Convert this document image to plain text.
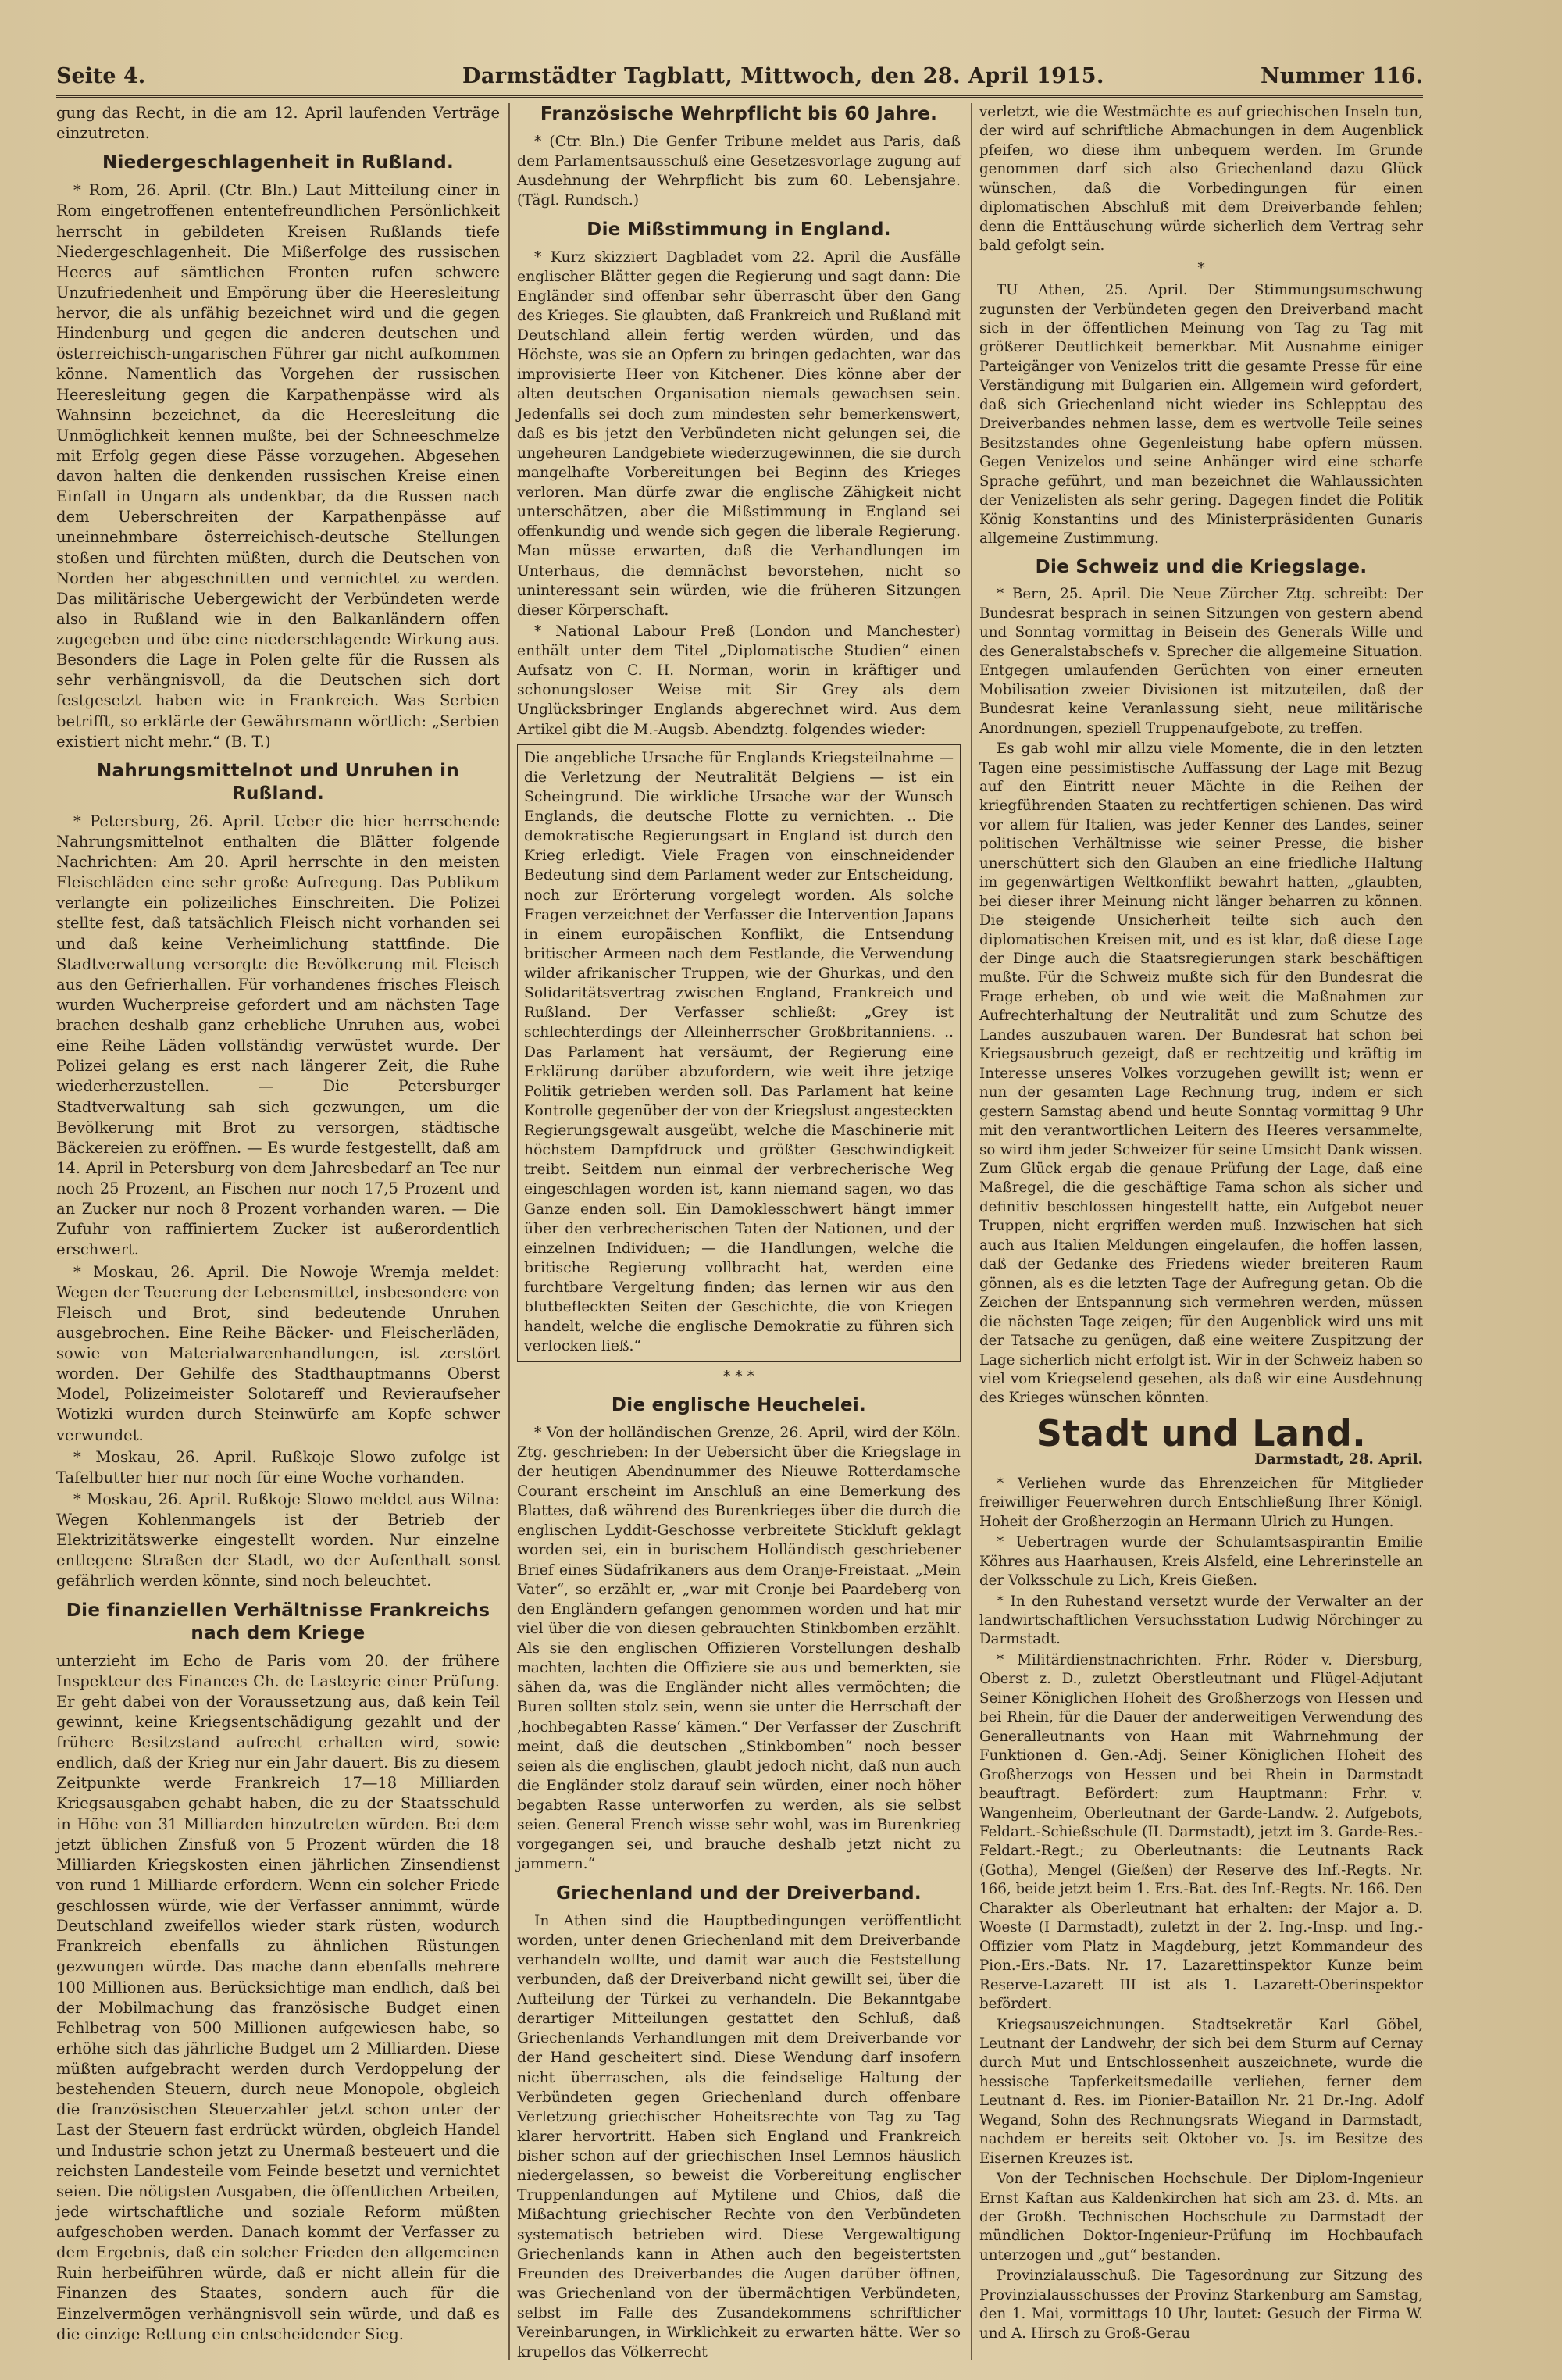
Seite 4.	Darmstädter Tagblatt, Mittwoch, den 28. April 1915.	Nummer 116.

gung das Recht, in die am 12. April laufenden Verträge einzutreten.

Niedergeschlagenheit in Rußland.

* Rom, 26. April. (Ctr. Bln.) Laut Mitteilung einer in Rom eingetroffenen ententefreundlichen Persönlichkeit herrscht in gebildeten Kreisen Rußlands tiefe Niedergeschlagenheit. Die Mißerfolge des russischen Heeres auf sämtlichen Fronten rufen schwere Unzufriedenheit und Empörung über die Heeresleitung hervor, die als unfähig bezeichnet wird und die gegen Hindenburg und gegen die anderen deutschen und österreichisch-ungarischen Führer gar nicht aufkommen könne. Namentlich das Vorgehen der russischen Heeresleitung gegen die Karpathenpässe wird als Wahnsinn bezeichnet, da die Heeresleitung die Unmöglichkeit kennen mußte, bei der Schneeschmelze mit Erfolg gegen diese Pässe vorzugehen. Abgesehen davon halten die denkenden russischen Kreise einen Einfall in Ungarn als undenkbar, da die Russen nach dem Ueberschreiten der Karpathenpässe auf uneinnehmbare österreichisch-deutsche Stellungen stoßen und fürchten müßten, durch die Deutschen von Norden her abgeschnitten und vernichtet zu werden. Das militärische Uebergewicht der Verbündeten werde also in Rußland wie in den Balkanländern offen zugegeben und übe eine niederschlagende Wirkung aus. Besonders die Lage in Polen gelte für die Russen als sehr verhängnisvoll, da die Deutschen sich dort festgesetzt haben wie in Frankreich. Was Serbien betrifft, so erklärte der Gewährsmann wörtlich: „Serbien existiert nicht mehr.“ (B. T.)

Nahrungsmittelnot und Unruhen in Rußland.

* Petersburg, 26. April. Ueber die hier herrschende Nahrungsmittelnot enthalten die Blätter folgende Nachrichten: Am 20. April herrschte in den meisten Fleischläden eine sehr große Aufregung. Das Publikum verlangte ein polizeiliches Einschreiten. Die Polizei stellte fest, daß tatsächlich Fleisch nicht vorhanden sei und daß keine Verheimlichung stattfinde. Die Stadtverwaltung versorgte die Bevölkerung mit Fleisch aus den Gefrierhallen. Für vorhandenes frisches Fleisch wurden Wucherpreise gefordert und am nächsten Tage brachen deshalb ganz erhebliche Unruhen aus, wobei eine Reihe Läden vollständig verwüstet wurde. Der Polizei gelang es erst nach längerer Zeit, die Ruhe wiederherzustellen. — Die Petersburger Stadtverwaltung sah sich gezwungen, um die Bevölkerung mit Brot zu versorgen, städtische Bäckereien zu eröffnen. — Es wurde festgestellt, daß am 14. April in Petersburg von dem Jahresbedarf an Tee nur noch 25 Prozent, an Fischen nur noch 17,5 Prozent und an Zucker nur noch 8 Prozent vorhanden waren. — Die Zufuhr von raffiniertem Zucker ist außerordentlich erschwert.

* Moskau, 26. April. Die Nowoje Wremja meldet: Wegen der Teuerung der Lebensmittel, insbesondere von Fleisch und Brot, sind bedeutende Unruhen ausgebrochen. Eine Reihe Bäcker- und Fleischerläden, sowie von Materialwarenhandlungen, ist zerstört worden. Der Gehilfe des Stadthauptmanns Oberst Model, Polizeimeister Solotareff und Revieraufseher Wotizki wurden durch Steinwürfe am Kopfe schwer verwundet.

* Moskau, 26. April. Rußkoje Slowo zufolge ist Tafelbutter hier nur noch für eine Woche vorhanden.

* Moskau, 26. April. Rußkoje Slowo meldet aus Wilna: Wegen Kohlenmangels ist der Betrieb der Elektrizitätswerke eingestellt worden. Nur einzelne entlegene Straßen der Stadt, wo der Aufenthalt sonst gefährlich werden könnte, sind noch beleuchtet.

Die finanziellen Verhältnisse Frankreichs nach dem Kriege

unterzieht im Echo de Paris vom 20. der frühere Inspekteur des Finances Ch. de Lasteyrie einer Prüfung. Er geht dabei von der Voraussetzung aus, daß kein Teil gewinnt, keine Kriegsentschädigung gezahlt und der frühere Besitzstand aufrecht erhalten wird, sowie endlich, daß der Krieg nur ein Jahr dauert. Bis zu diesem Zeitpunkte werde Frankreich 17—18 Milliarden Kriegsausgaben gehabt haben, die zu der Staatsschuld in Höhe von 31 Milliarden hinzutreten würden. Bei dem jetzt üblichen Zinsfuß von 5 Prozent würden die 18 Milliarden Kriegskosten einen jährlichen Zinsendienst von rund 1 Milliarde erfordern. Wenn ein solcher Friede geschlossen würde, wie der Verfasser annimmt, würde Deutschland zweifellos wieder stark rüsten, wodurch Frankreich ebenfalls zu ähnlichen Rüstungen gezwungen würde. Das mache dann ebenfalls mehrere 100 Millionen aus. Berücksichtige man endlich, daß bei der Mobilmachung das französische Budget einen Fehlbetrag von 500 Millionen aufgewiesen habe, so erhöhe sich das jährliche Budget um 2 Milliarden. Diese müßten aufgebracht werden durch Verdoppelung der bestehenden Steuern, durch neue Monopole, obgleich die französischen Steuerzahler jetzt schon unter der Last der Steuern fast erdrückt würden, obgleich Handel und Industrie schon jetzt zu Unermaß besteuert und die reichsten Landesteile vom Feinde besetzt und vernichtet seien. Die nötigsten Ausgaben, die öffentlichen Arbeiten, jede wirtschaftliche und soziale Reform müßten aufgeschoben werden. Danach kommt der Verfasser zu dem Ergebnis, daß ein solcher Frieden den allgemeinen Ruin herbeiführen würde, daß er nicht allein für die Finanzen des Staates, sondern auch für die Einzelvermögen verhängnisvoll sein würde, und daß es die einzige Rettung ein entscheidender Sieg.

Französische Wehrpflicht bis 60 Jahre.

* (Ctr. Bln.) Die Genfer Tribune meldet aus Paris, daß dem Parlamentsausschuß eine Gesetzesvorlage zugung auf Ausdehnung der Wehrpflicht bis zum 60. Lebensjahre. (Tägl. Rundsch.)

Die Mißstimmung in England.

* Kurz skizziert Dagbladet vom 22. April die Ausfälle englischer Blätter gegen die Regierung und sagt dann: Die Engländer sind offenbar sehr überrascht über den Gang des Krieges. Sie glaubten, daß Frankreich und Rußland mit Deutschland allein fertig werden würden, und das Höchste, was sie an Opfern zu bringen gedachten, war das improvisierte Heer von Kitchener. Dies könne aber der alten deutschen Organisation niemals gewachsen sein. Jedenfalls sei doch zum mindesten sehr bemerkenswert, daß es bis jetzt den Verbündeten nicht gelungen sei, die ungeheuren Landgebiete wiederzugewinnen, die sie durch mangelhafte Vorbereitungen bei Beginn des Krieges verloren. Man dürfe zwar die englische Zähigkeit nicht unterschätzen, aber die Mißstimmung in England sei offenkundig und wende sich gegen die liberale Regierung. Man müsse erwarten, daß die Verhandlungen im Unterhaus, die demnächst bevorstehen, nicht so uninteressant sein würden, wie die früheren Sitzungen dieser Körperschaft.

* National Labour Preß (London und Manchester) enthält unter dem Titel „Diplomatische Studien“ einen Aufsatz von C. H. Norman, worin in kräftiger und schonungsloser Weise mit Sir Grey als dem Unglücksbringer Englands abgerechnet wird. Aus dem Artikel gibt die M.-Augsb. Abendztg. folgendes wieder:

Die angebliche Ursache für Englands Kriegsteilnahme — die Verletzung der Neutralität Belgiens — ist ein Scheingrund. Die wirkliche Ursache war der Wunsch Englands, die deutsche Flotte zu vernichten. .. Die demokratische Regierungsart in England ist durch den Krieg erledigt. Viele Fragen von einschneidender Bedeutung sind dem Parlament weder zur Entscheidung, noch zur Erörterung vorgelegt worden. Als solche Fragen verzeichnet der Verfasser die Intervention Japans in einem europäischen Konflikt, die Entsendung britischer Armeen nach dem Festlande, die Verwendung wilder afrikanischer Truppen, wie der Ghurkas, und den Solidaritätsvertrag zwischen England, Frankreich und Rußland. Der Verfasser schließt: „Grey ist schlechterdings der Alleinherrscher Großbritanniens. .. Das Parlament hat versäumt, der Regierung eine Erklärung darüber abzufordern, wie weit ihre jetzige Politik getrieben werden soll. Das Parlament hat keine Kontrolle gegenüber der von der Kriegslust angesteckten Regierungsgewalt ausgeübt, welche die Maschinerie mit höchstem Dampfdruck und größter Geschwindigkeit treibt. Seitdem nun einmal der verbrecherische Weg eingeschlagen worden ist, kann niemand sagen, wo das Ganze enden soll. Ein Damoklesschwert hängt immer über den verbrecherischen Taten der Nationen, und der einzelnen Individuen; — die Handlungen, welche die britische Regierung vollbracht hat, werden eine furchtbare Vergeltung finden; das lernen wir aus den blutbefleckten Seiten der Geschichte, die von Kriegen handelt, welche die englische Demokratie zu führen sich verlocken ließ.“

* * *
Die englische Heuchelei.

* Von der holländischen Grenze, 26. April, wird der Köln. Ztg. geschrieben: In der Uebersicht über die Kriegslage in der heutigen Abendnummer des Nieuwe Rotterdamsche Courant erscheint im Anschluß an eine Bemerkung des Blattes, daß während des Burenkrieges über die durch die englischen Lyddit-Geschosse verbreitete Stickluft geklagt worden sei, ein in burischem Holländisch geschriebener Brief eines Südafrikaners aus dem Oranje-Freistaat. „Mein Vater“, so erzählt er, „war mit Cronje bei Paardeberg von den Engländern gefangen genommen worden und hat mir viel über die von diesen gebrauchten Stinkbomben erzählt. Als sie den englischen Offizieren Vorstellungen deshalb machten, lachten die Offiziere sie aus und bemerkten, sie sähen da, was die Engländer nicht alles vermöchten; die Buren sollten stolz sein, wenn sie unter die Herrschaft der ‚hochbegabten Rasse‘ kämen.“ Der Verfasser der Zuschrift meint, daß die deutschen „Stinkbomben“ noch besser seien als die englischen, glaubt jedoch nicht, daß nun auch die Engländer stolz darauf sein würden, einer noch höher begabten Rasse unterworfen zu werden, als sie selbst seien. General French wisse sehr wohl, was im Burenkrieg vorgegangen sei, und brauche deshalb jetzt nicht zu jammern.“

Griechenland und der Dreiverband.

In Athen sind die Hauptbedingungen veröffentlicht worden, unter denen Griechenland mit dem Dreiverbande verhandeln wollte, und damit war auch die Feststellung verbunden, daß der Dreiverband nicht gewillt sei, über die Aufteilung der Türkei zu verhandeln. Die Bekanntgabe derartiger Mitteilungen gestattet den Schluß, daß Griechenlands Verhandlungen mit dem Dreiverbande vor der Hand gescheitert sind. Diese Wendung darf insofern nicht überraschen, als die feindselige Haltung der Verbündeten gegen Griechenland durch offenbare Verletzung griechischer Hoheitsrechte von Tag zu Tag klarer hervortritt. Haben sich England und Frankreich bisher schon auf der griechischen Insel Lemnos häuslich niedergelassen, so beweist die Vorbereitung englischer Truppenlandungen auf Mytilene und Chios, daß die Mißachtung griechischer Rechte von den Verbündeten systematisch betrieben wird. Diese Vergewaltigung Griechenlands kann in Athen auch den begeistertsten Freunden des Dreiverbandes die Augen darüber öffnen, was Griechenland von der übermächtigen Verbündeten, selbst im Falle des Zusandekommens schriftlicher Vereinbarungen, in Wirklichkeit zu erwarten hätte. Wer so krupellos das Völkerrecht

verletzt, wie die Westmächte es auf griechischen Inseln tun, der wird auf schriftliche Abmachungen in dem Augenblick pfeifen, wo diese ihm unbequem werden. Im Grunde genommen darf sich also Griechenland dazu Glück wünschen, daß die Vorbedingungen für einen diplomatischen Abschluß mit dem Dreiverbande fehlen; denn die Enttäuschung würde sicherlich dem Vertrag sehr bald gefolgt sein.

*

TU Athen, 25. April. Der Stimmungsumschwung zugunsten der Verbündeten gegen den Dreiverband macht sich in der öffentlichen Meinung von Tag zu Tag mit größerer Deutlichkeit bemerkbar. Mit Ausnahme einiger Parteigänger von Venizelos tritt die gesamte Presse für eine Verständigung mit Bulgarien ein. Allgemein wird gefordert, daß sich Griechenland nicht wieder ins Schlepptau des Dreiverbandes nehmen lasse, dem es wertvolle Teile seines Besitzstandes ohne Gegenleistung habe opfern müssen. Gegen Venizelos und seine Anhänger wird eine scharfe Sprache geführt, und man bezeichnet die Wahlaussichten der Venizelisten als sehr gering. Dagegen findet die Politik König Konstantins und des Ministerpräsidenten Gunaris allgemeine Zustimmung.

Die Schweiz und die Kriegslage.

* Bern, 25. April. Die Neue Zürcher Ztg. schreibt: Der Bundesrat besprach in seinen Sitzungen von gestern abend und Sonntag vormittag in Beisein des Generals Wille und des Generalstabschefs v. Sprecher die allgemeine Situation. Entgegen umlaufenden Gerüchten von einer erneuten Mobilisation zweier Divisionen ist mitzuteilen, daß der Bundesrat keine Veranlassung sieht, neue militärische Anordnungen, speziell Truppenaufgebote, zu treffen.

Es gab wohl mir allzu viele Momente, die in den letzten Tagen eine pessimistische Auffassung der Lage mit Bezug auf den Eintritt neuer Mächte in die Reihen der kriegführenden Staaten zu rechtfertigen schienen. Das wird vor allem für Italien, was jeder Kenner des Landes, seiner politischen Verhältnisse wie seiner Presse, die bisher unerschüttert sich den Glauben an eine friedliche Haltung im gegenwärtigen Weltkonflikt bewahrt hatten, „glaubten, bei dieser ihrer Meinung nicht länger beharren zu können. Die steigende Unsicherheit teilte sich auch den diplomatischen Kreisen mit, und es ist klar, daß diese Lage der Dinge auch die Staatsregierungen stark beschäftigen mußte. Für die Schweiz mußte sich für den Bundesrat die Frage erheben, ob und wie weit die Maßnahmen zur Aufrechterhaltung der Neutralität und zum Schutze des Landes auszubauen waren. Der Bundesrat hat schon bei Kriegsausbruch gezeigt, daß er rechtzeitig und kräftig im Interesse unseres Volkes vorzugehen gewillt ist; wenn er nun der gesamten Lage Rechnung trug, indem er sich gestern Samstag abend und heute Sonntag vormittag 9 Uhr mit den verantwortlichen Leitern des Heeres versammelte, so wird ihm jeder Schweizer für seine Umsicht Dank wissen. Zum Glück ergab die genaue Prüfung der Lage, daß eine Maßregel, die die geschäftige Fama schon als sicher und definitiv beschlossen hingestellt hatte, ein Aufgebot neuer Truppen, nicht ergriffen werden muß. Inzwischen hat sich auch aus Italien Meldungen eingelaufen, die hoffen lassen, daß der Gedanke des Friedens wieder breiteren Raum gönnen, als es die letzten Tage der Aufregung getan. Ob die Zeichen der Entspannung sich vermehren werden, müssen die nächsten Tage zeigen; für den Augenblick wird uns mit der Tatsache zu genügen, daß eine weitere Zuspitzung der Lage sicherlich nicht erfolgt ist. Wir in der Schweiz haben so viel vom Kriegselend gesehen, als daß wir eine Ausdehnung des Krieges wünschen könnten.

Stadt und Land.
Darmstadt, 28. April.

* Verliehen wurde das Ehrenzeichen für Mitglieder freiwilliger Feuerwehren durch Entschließung Ihrer Königl. Hoheit der Großherzogin an Hermann Ulrich zu Hungen.

* Uebertragen wurde der Schulamtsaspirantin Emilie Köhres aus Haarhausen, Kreis Alsfeld, eine Lehrerinstelle an der Volksschule zu Lich, Kreis Gießen.

* In den Ruhestand versetzt wurde der Verwalter an der landwirtschaftlichen Versuchsstation Ludwig Nörchinger zu Darmstadt.

* Militärdienstnachrichten. Frhr. Röder v. Diersburg, Oberst z. D., zuletzt Oberstleutnant und Flügel-Adjutant Seiner Königlichen Hoheit des Großherzogs von Hessen und bei Rhein, für die Dauer der anderweitigen Verwendung des Generalleutnants von Haan mit Wahrnehmung der Funktionen d. Gen.-Adj. Seiner Königlichen Hoheit des Großherzogs von Hessen und bei Rhein in Darmstadt beauftragt. Befördert: zum Hauptmann: Frhr. v. Wangenheim, Oberleutnant der Garde-Landw. 2. Aufgebots, Feldart.-Schießschule (II. Darmstadt), jetzt im 3. Garde-Res.-Feldart.-Regt.; zu Oberleutnants: die Leutnants Rack (Gotha), Mengel (Gießen) der Reserve des Inf.-Regts. Nr. 166, beide jetzt beim 1. Ers.-Bat. des Inf.-Regts. Nr. 166. Den Charakter als Oberleutnant hat erhalten: der Major a. D. Woeste (I Darmstadt), zuletzt in der 2. Ing.-Insp. und Ing.-Offizier vom Platz in Magdeburg, jetzt Kommandeur des Pion.-Ers.-Bats. Nr. 17. Lazarettinspektor Kunze beim Reserve-Lazarett III ist als 1. Lazarett-Oberinspektor befördert.

Kriegsauszeichnungen. Stadtsekretär Karl Göbel, Leutnant der Landwehr, der sich bei dem Sturm auf Cernay durch Mut und Entschlossenheit auszeichnete, wurde die hessische Tapferkeitsmedaille verliehen, ferner dem Leutnant d. Res. im Pionier-Bataillon Nr. 21 Dr.-Ing. Adolf Wegand, Sohn des Rechnungsrats Wiegand in Darmstadt, nachdem er bereits seit Oktober vo. Js. im Besitze des Eisernen Kreuzes ist.

Von der Technischen Hochschule. Der Diplom-Ingenieur Ernst Kaftan aus Kaldenkirchen hat sich am 23. d. Mts. an der Großh. Technischen Hochschule zu Darmstadt der mündlichen Doktor-Ingenieur-Prüfung im Hochbaufach unterzogen und „gut“ bestanden.

Provinzialausschuß. Die Tagesordnung zur Sitzung des Provinzialausschusses der Provinz Starkenburg am Samstag, den 1. Mai, vormittags 10 Uhr, lautet: Gesuch der Firma W. und A. Hirsch zu Groß-Gerau
